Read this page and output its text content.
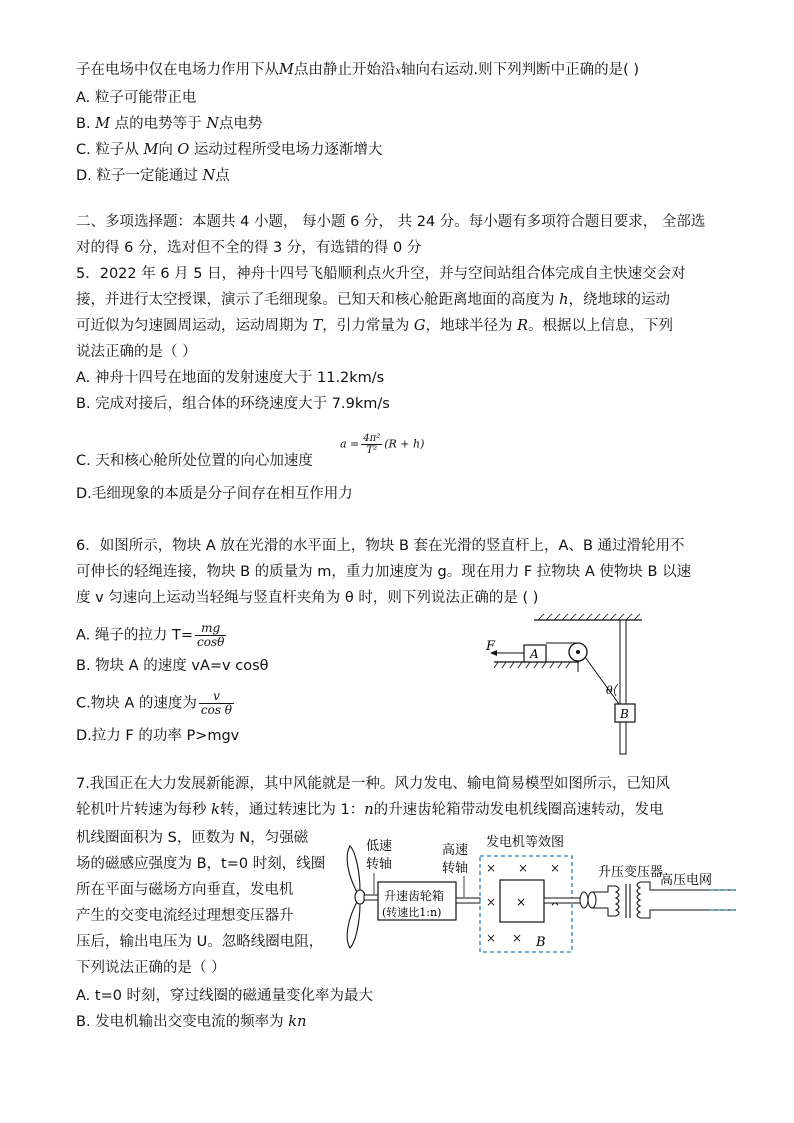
子在电场中仅在电场力作用下从M点由静止开始沿x轴向右运动.则下列判断中正确的是( )
A. 粒子可能带正电
B. M 点的电势等于 N点电势
C. 粒子从 M向 O 运动过程所受电场力逐渐增大
D. 粒子一定能通过 N点
二、多项选择题：本题共 4 小题， 每小题 6 分， 共 24 分。每小题有多项符合题目要求， 全部选
对的得 6 分，选对但不全的得 3 分，有选错的得 0 分
5．2022 年 6 月 5 日，神舟十四号飞船顺利点火升空，并与空间站组合体完成自主快速交会对
接，并进行太空授课，演示了毛细现象。已知天和核心舱距离地面的高度为 h，绕地球的运动
可近似为匀速圆周运动，运动周期为 T，引力常量为 G，地球半径为 R。根据以上信息，下列
说法正确的是（ ）
A. 神舟十四号在地面的发射速度大于 11.2km/s
B. 完成对接后，组合体的环绕速度大于 7.9km/s
C. 天和核心舱所处位置的向心加速度
$a = \frac{\text{4π²}}{\text{T²}} (R + h)$
D.毛细现象的本质是分子间存在相互作用力
6．如图所示，物块 A 放在光滑的水平面上，物块 B 套在光滑的竖直杆上，A、B 通过滑轮用不
可伸长的轻绳连接，物块 B 的质量为 m，重力加速度为 g。现在用力 F 拉物块 A 使物块 B 以速
度 v 匀速向上运动当轻绳与竖直杆夹角为 θ 时，则下列说法正确的是 ( )
A. 绳子的拉力 $T= \frac{mg}{\cos\theta}$
B. 物块 A 的速度 vA=v cosθ
C.物块 A 的速度为 $\frac{v}{\text{cos θ}}$
D.拉力 F 的功率 P>mgv
A
F
θ
B
7.我国正在大力发展新能源，其中风能就是一种。风力发电、输电简易模型如图所示，已知风
轮机叶片转速为每秒 k转，通过转速比为 1：n的升速齿轮箱带动发电机线圈高速转动，发电
机线圈面积为 S，匝数为 N，匀强磁
场的磁感应强度为 B，t=0 时刻，线圈
所在平面与磁场方向垂直，发电机
产生的交变电流经过理想变压器升
压后，输出电压为 U。忽略线圈电阻，
下列说法正确的是（ ）
A. t=0 时刻，穿过线圈的磁通量变化率为最大
B. 发电机输出交变电流的频率为 kn
低速
转轴
升速齿轮箱
(转速比1:n)
高速
转轴
发电机等效图
× × ×
×
× × B
×
升压变压器
高压电网
